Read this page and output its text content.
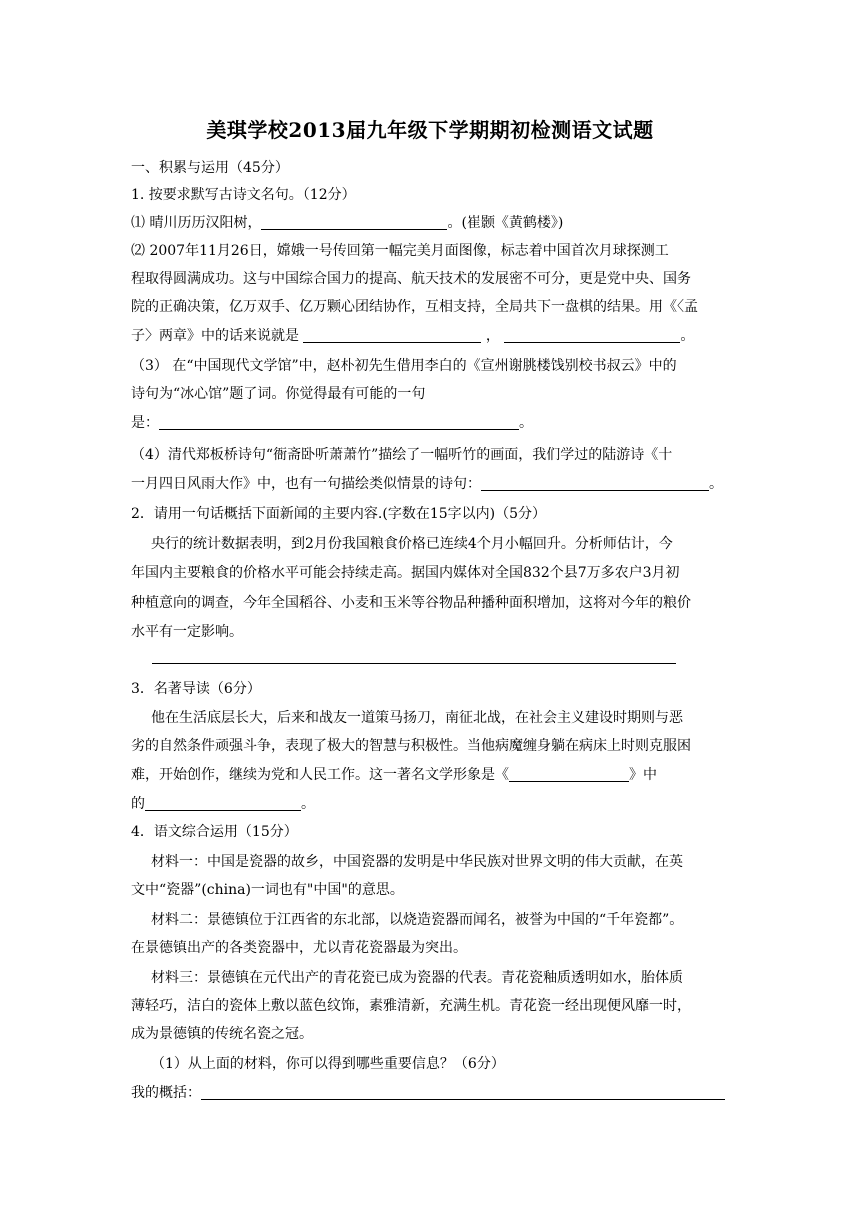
美琪学校2013届九年级下学期期初检测语文试题
一、积累与运用（45分）
1. 按要求默写古诗文名句。（12分）
⑴ 晴川历历汉阳树，	。(崔颢《黄鹤楼》)
⑵ 2007年11月26日，嫦娥一号传回第一幅完美月面图像，标志着中国首次月球探测工
程取得圆满成功。这与中国综合国力的提高、航天技术的发展密不可分，更是党中央、国务
院的正确决策，亿万双手、亿万颗心团结协作，互相支持，全局共下一盘棋的结果。用《〈孟
子〉两章》中的话来说就是	，	。
（3） 在“中国现代文学馆”中，赵朴初先生借用李白的《宣州谢朓楼饯别校书叔云》中的
诗句为“冰心馆”题了词。你觉得最有可能的一句
是：	。
（4）清代郑板桥诗句“衙斋卧听萧萧竹”描绘了一幅听竹的画面，我们学过的陆游诗《十
一月四日风雨大作》中，也有一句描绘类似情景的诗句：	。
2．请用一句话概括下面新闻的主要内容.(字数在15字以内)（5分）
央行的统计数据表明，到2月份我国粮食价格已连续4个月小幅回升。分析师估计，今
年国内主要粮食的价格水平可能会持续走高。据国内媒体对全国832个县7万多农户3月初
种植意向的调查，今年全国稻谷、小麦和玉米等谷物品种播种面积增加，这将对今年的粮价
水平有一定影响。
3．名著导读（6分）
他在生活底层长大，后来和战友一道策马扬刀，南征北战，在社会主义建设时期则与恶
劣的自然条件顽强斗争，表现了极大的智慧与积极性。当他病魔缠身躺在病床上时则克服困
难，开始创作，继续为党和人民工作。这一著名文学形象是《	》中
的	。
4．语文综合运用（15分）
材料一：中国是瓷器的故乡，中国瓷器的发明是中华民族对世界文明的伟大贡献，在英
文中“瓷器”(china)一词也有"中国"的意思。
材料二：景德镇位于江西省的东北部，以烧造瓷器而闻名，被誉为中国的“千年瓷都”。
在景德镇出产的各类瓷器中，尤以青花瓷器最为突出。
材料三：景德镇在元代出产的青花瓷已成为瓷器的代表。青花瓷釉质透明如水，胎体质
薄轻巧，洁白的瓷体上敷以蓝色纹饰，素雅清新，充满生机。青花瓷一经出现便风靡一时，
成为景德镇的传统名瓷之冠。
（1）从上面的材料，你可以得到哪些重要信息？（6分）
我的概括：
